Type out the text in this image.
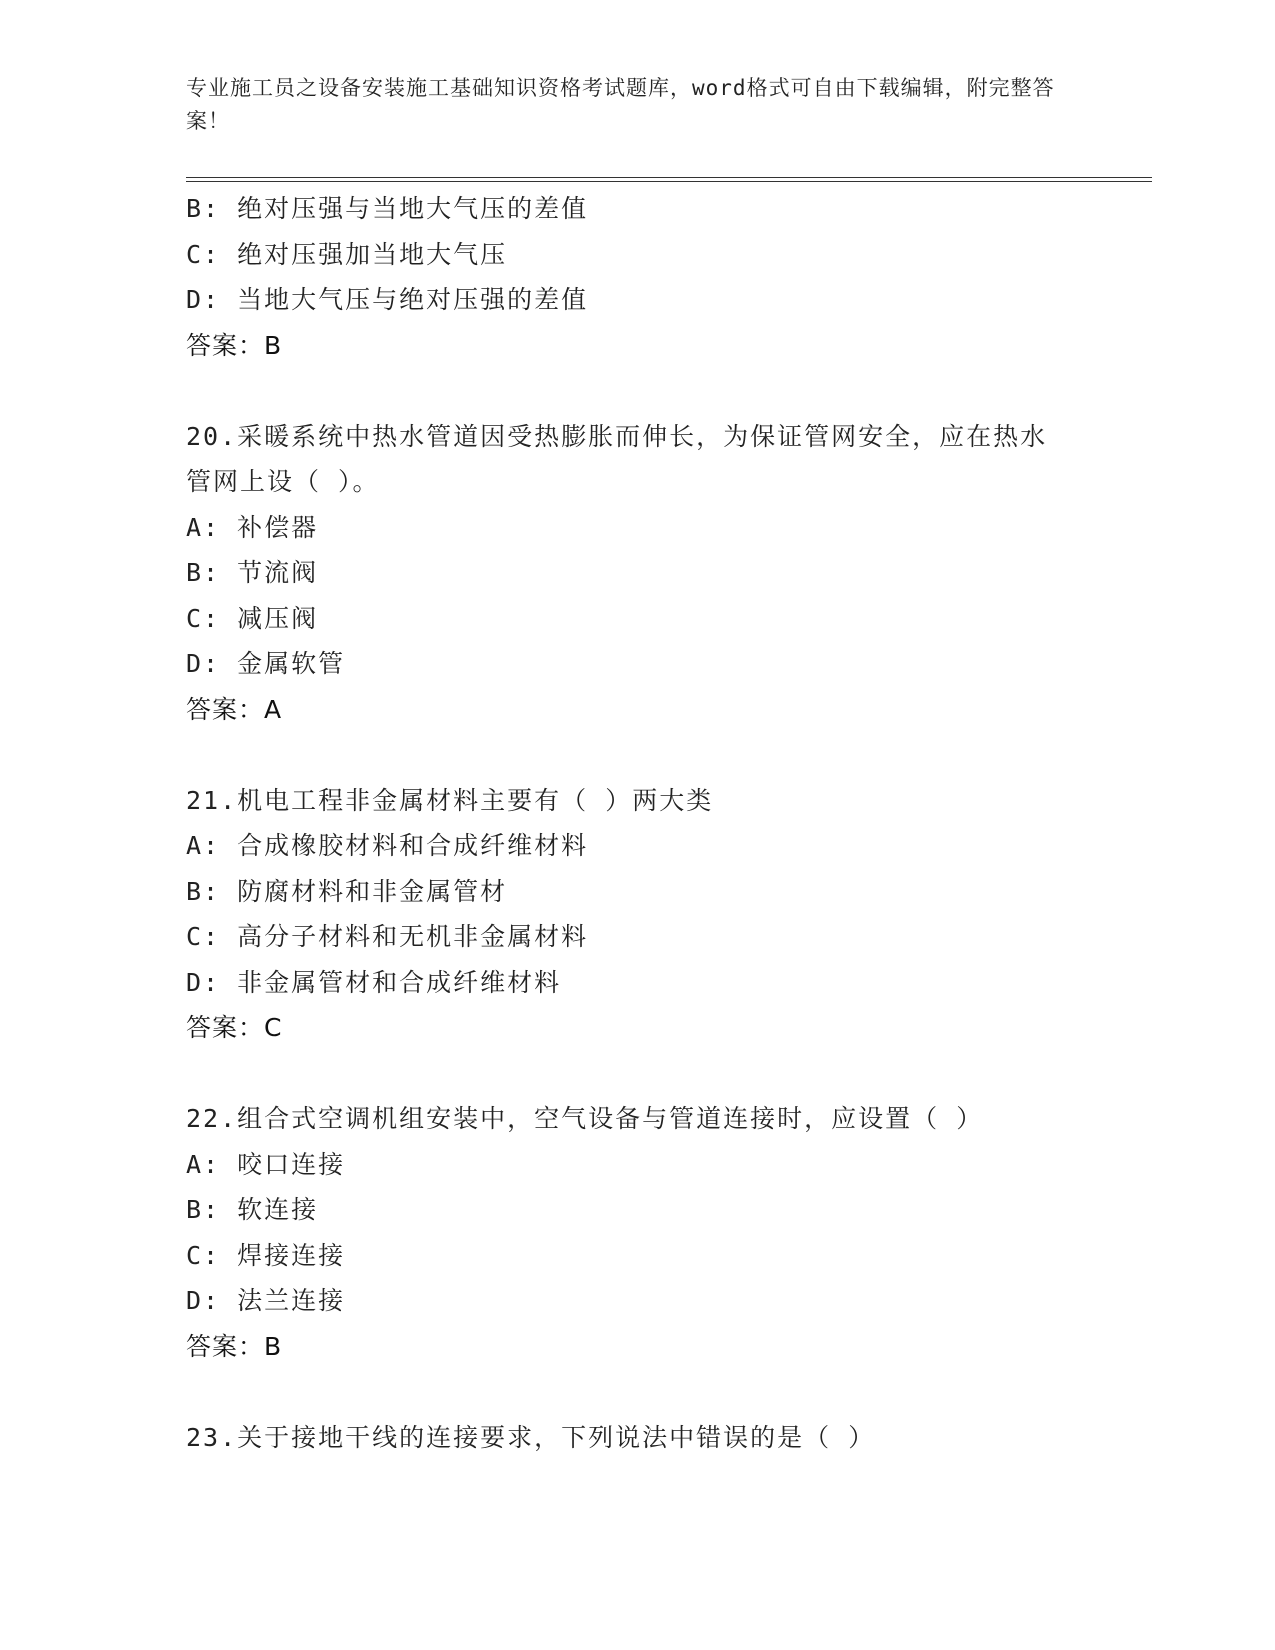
专业施工员之设备安装施工基础知识资格考试题库，word格式可自由下载编辑，附完整答案！
B: 绝对压强与当地大气压的差值
C: 绝对压强加当地大气压
D: 当地大气压与绝对压强的差值
答案：B
20.采暖系统中热水管道因受热膨胀而伸长，为保证管网安全，应在热水管网上设（ ）。
A: 补偿器
B: 节流阀
C: 减压阀
D: 金属软管
答案：A
21.机电工程非金属材料主要有（ ）两大类
A: 合成橡胶材料和合成纤维材料
B: 防腐材料和非金属管材
C: 高分子材料和无机非金属材料
D: 非金属管材和合成纤维材料
答案：C
22.组合式空调机组安装中，空气设备与管道连接时，应设置（ ）
A: 咬口连接
B: 软连接
C: 焊接连接
D: 法兰连接
答案：B
23.关于接地干线的连接要求，下列说法中错误的是（ ）
